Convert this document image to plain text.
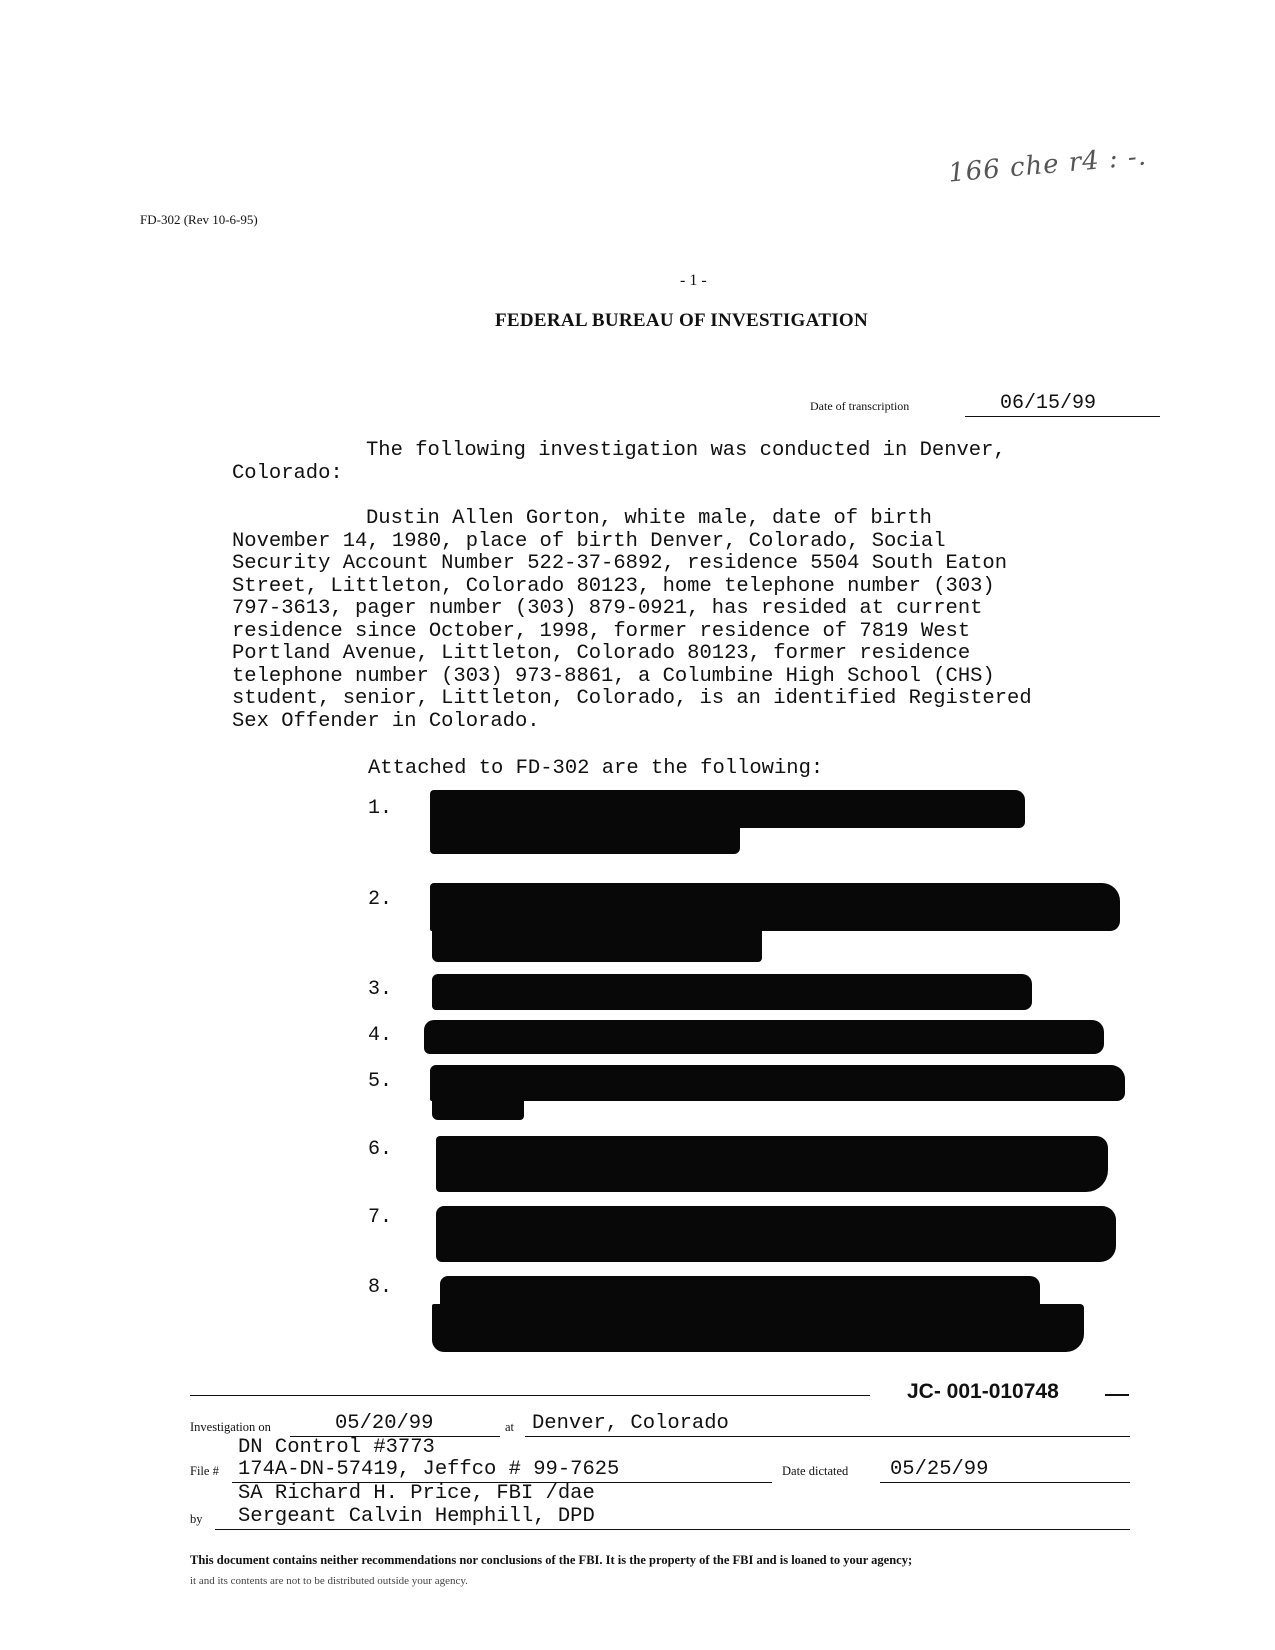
166 che r4 : -.
FD-302 (Rev 10-6-95)
- 1 -
FEDERAL BUREAU OF INVESTIGATION
Date of transcription	06/15/99
The following investigation was conducted in Denver,
Colorado:
Dustin Allen Gorton, white male, date of birth
November 14, 1980, place of birth Denver, Colorado, Social
Security Account Number 522-37-6892, residence 5504 South Eaton
Street, Littleton, Colorado 80123, home telephone number (303)
797-3613, pager number (303) 879-0921, has resided at current
residence since October, 1998, former residence of 7819 West
Portland Avenue, Littleton, Colorado 80123, former residence
telephone number (303) 973-8861, a Columbine High School (CHS)
student, senior, Littleton, Colorado, is an identified Registered
Sex Offender in Colorado.
Attached to FD-302 are the following:
1.
2.
3.
4.
5.
6.
7.
8.
JC- 001-010748
Investigation on	05/20/99	at Denver, Colorado
DN Control #3773
File # 174A-DN-57419, Jeffco # 99-7625	Date dictated 05/25/99
SA Richard H. Price, FBI /dae
by Sergeant Calvin Hemphill, DPD
This document contains neither recommendations nor conclusions of the FBI. It is the property of the FBI and is loaned to your agency;
it and its contents are not to be distributed outside your agency.
